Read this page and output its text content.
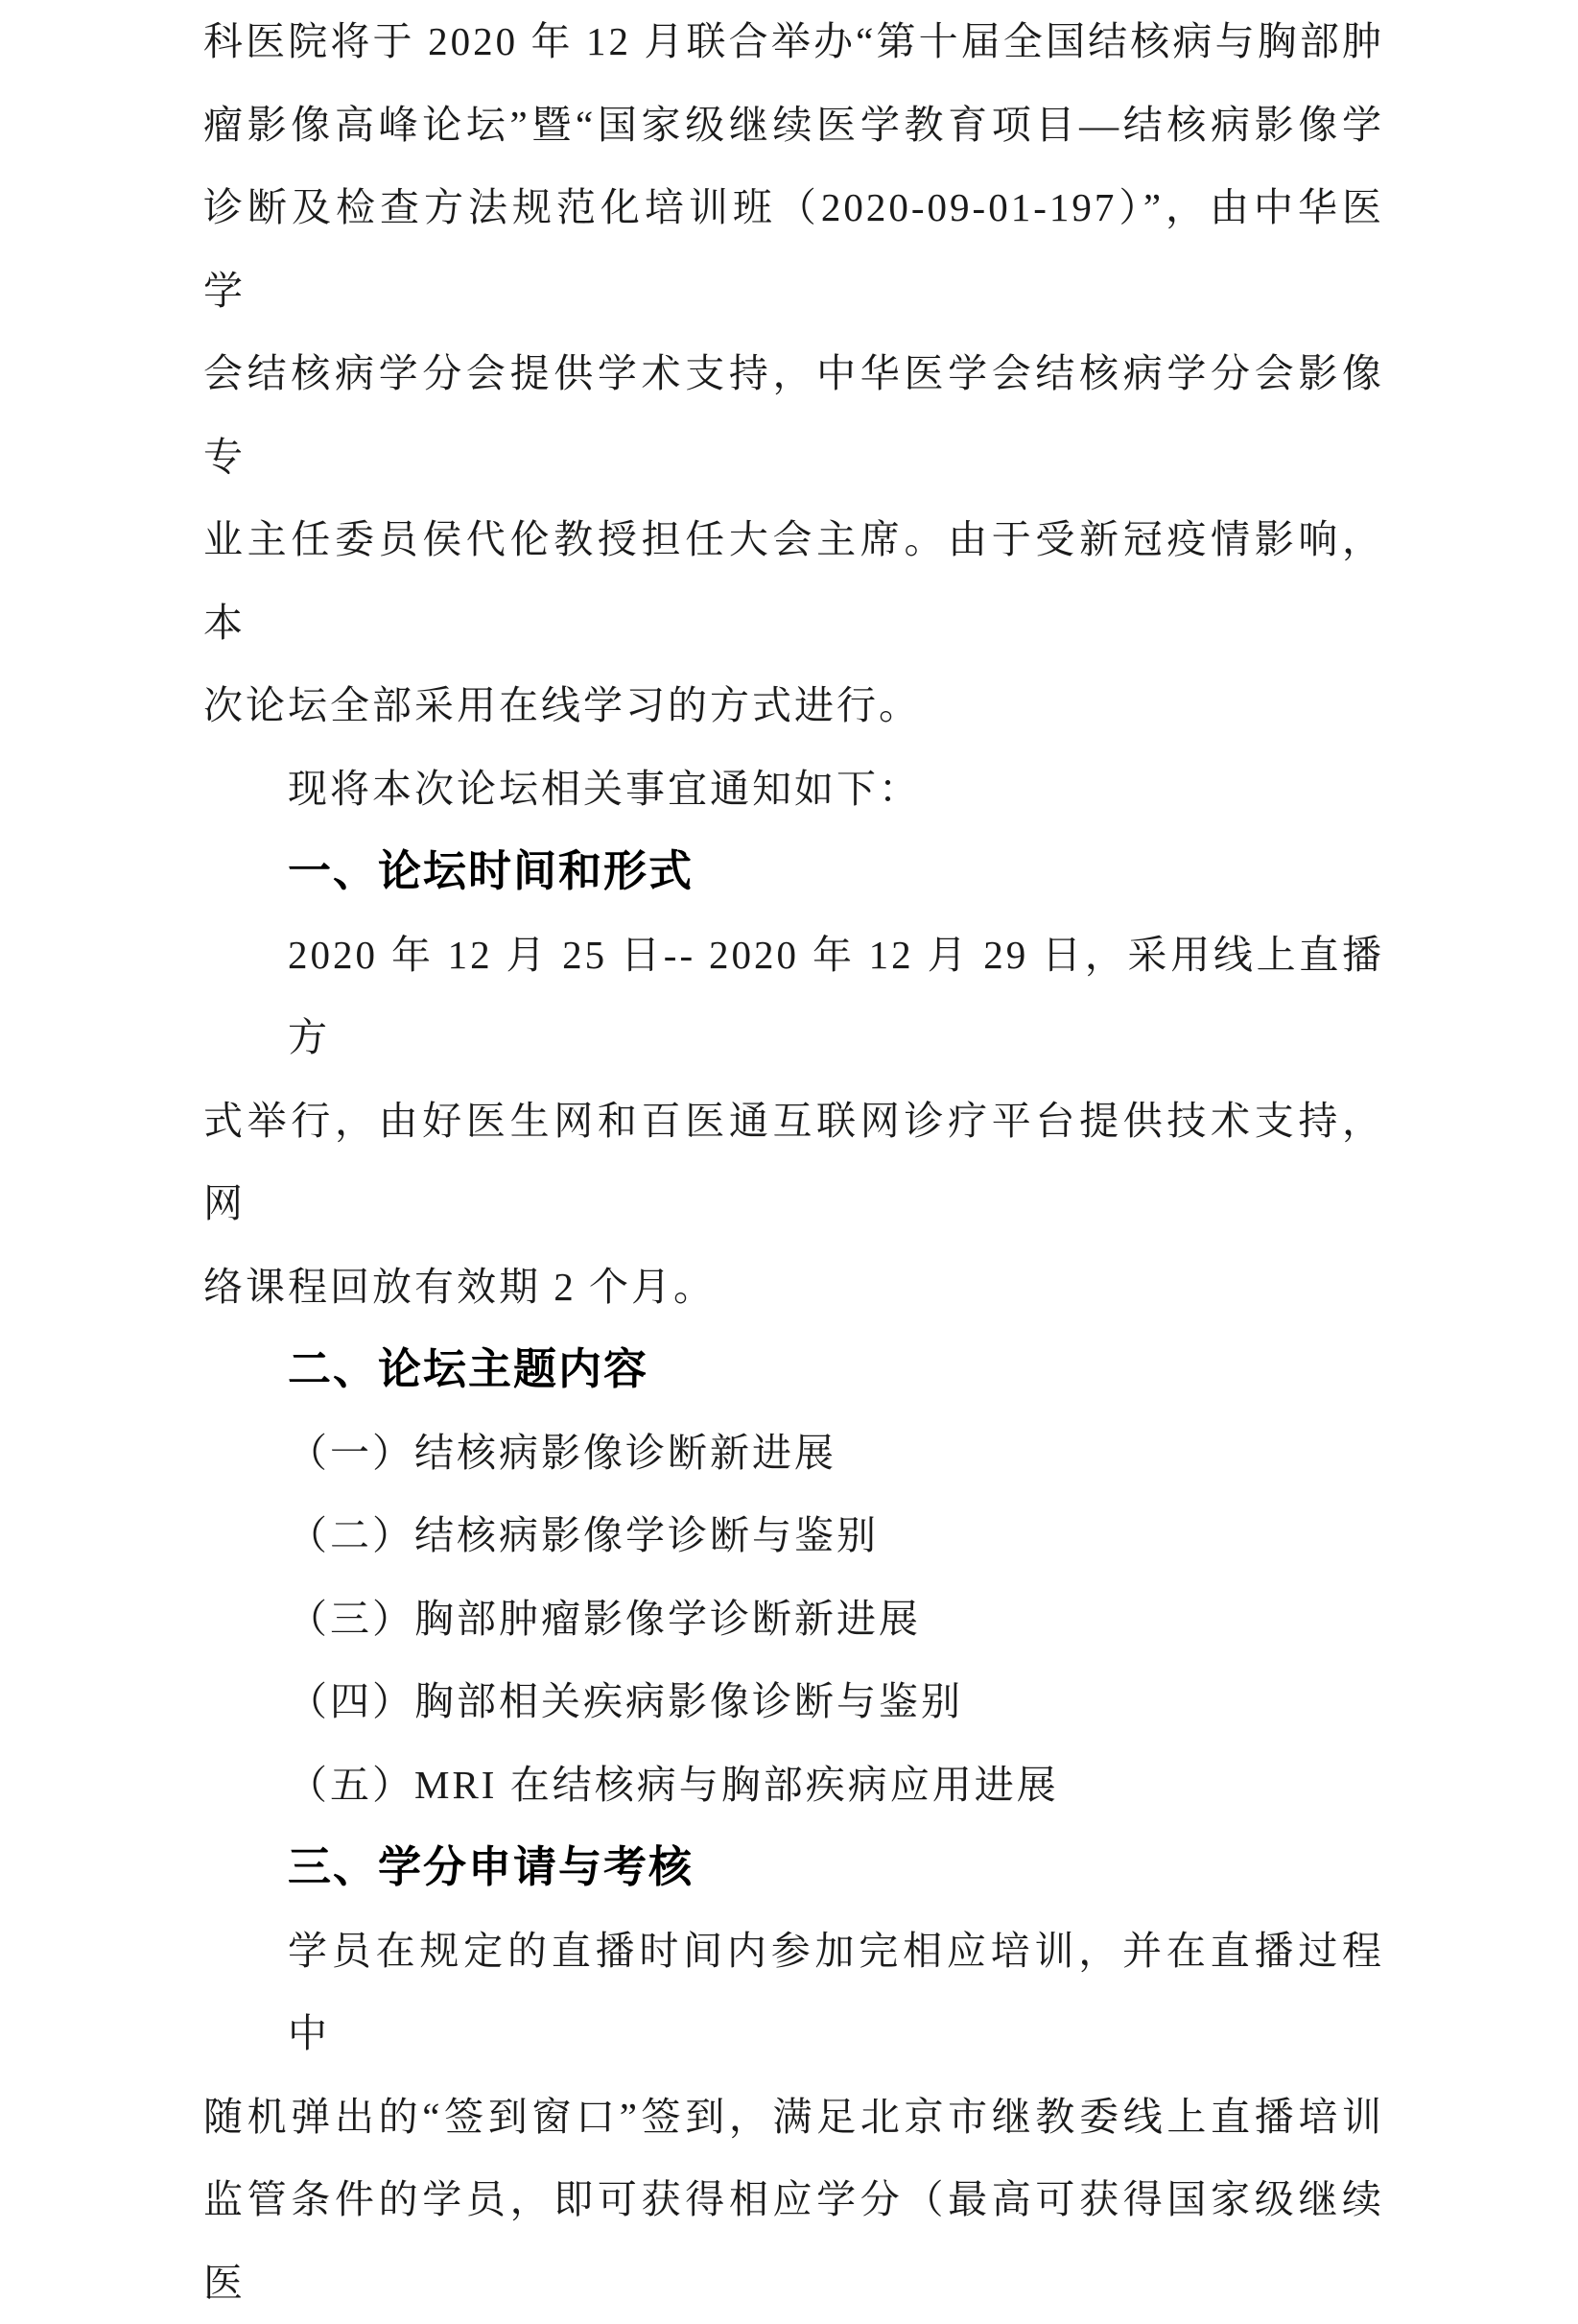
科医院将于 2020 年 12 月联合举办“第十届全国结核病与胸部肿
瘤影像高峰论坛”暨“国家级继续医学教育项目—结核病影像学
诊断及检查方法规范化培训班（2020-09-01-197）”，由中华医学
会结核病学分会提供学术支持，中华医学会结核病学分会影像专
业主任委员侯代伦教授担任大会主席。由于受新冠疫情影响，本
次论坛全部采用在线学习的方式进行。
现将本次论坛相关事宜通知如下：
一、论坛时间和形式
2020 年 12 月 25 日-- 2020 年 12 月 29 日，采用线上直播方
式举行，由好医生网和百医通互联网诊疗平台提供技术支持，网
络课程回放有效期 2 个月。
二、论坛主题内容
（一）结核病影像诊断新进展
（二）结核病影像学诊断与鉴别
（三）胸部肿瘤影像学诊断新进展
（四）胸部相关疾病影像诊断与鉴别
（五）MRI 在结核病与胸部疾病应用进展
三、学分申请与考核
学员在规定的直播时间内参加完相应培训，并在直播过程中
随机弹出的“签到窗口”签到，满足北京市继教委线上直播培训
监管条件的学员，即可获得相应学分（最高可获得国家级继续医
